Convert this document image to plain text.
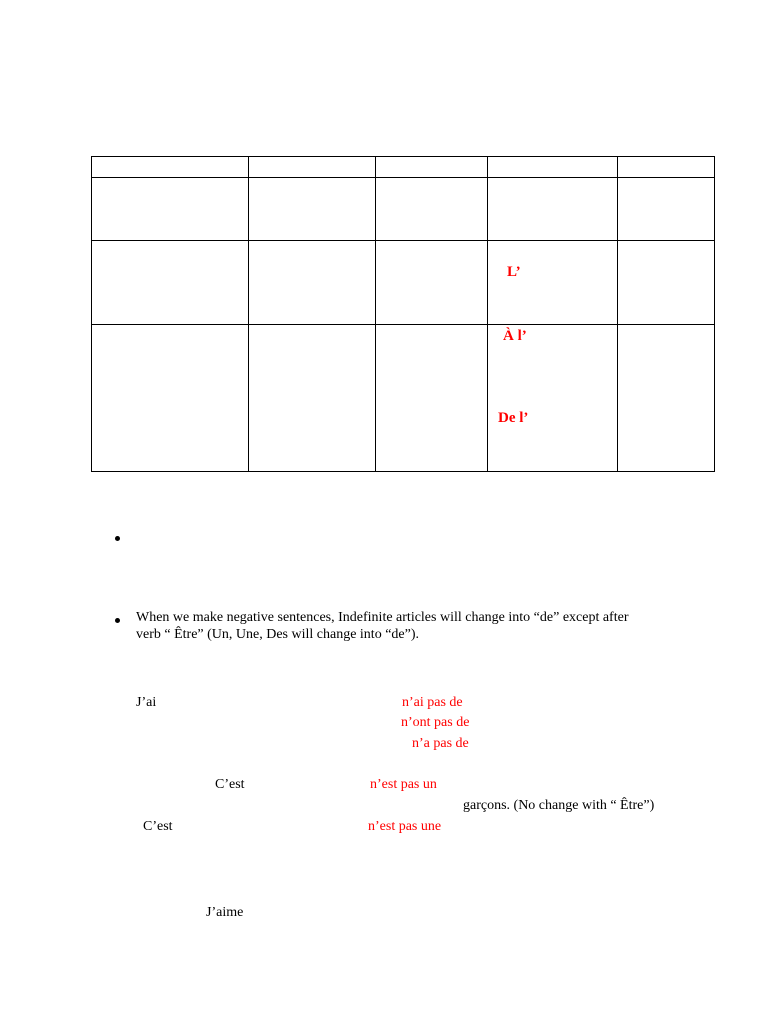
			L’	

			À l’
De l’	

When we make negative sentences, Indefinite articles will change into “de” except after
verb “ Être” (Un, Une, Des will change into “de”).
J’ai	n’ai pas de
n’ont pas de
n’a pas de
C’est	n’est pas un
garçons. (No change with “ Être”)
C’est	n’est pas une
J’aime
